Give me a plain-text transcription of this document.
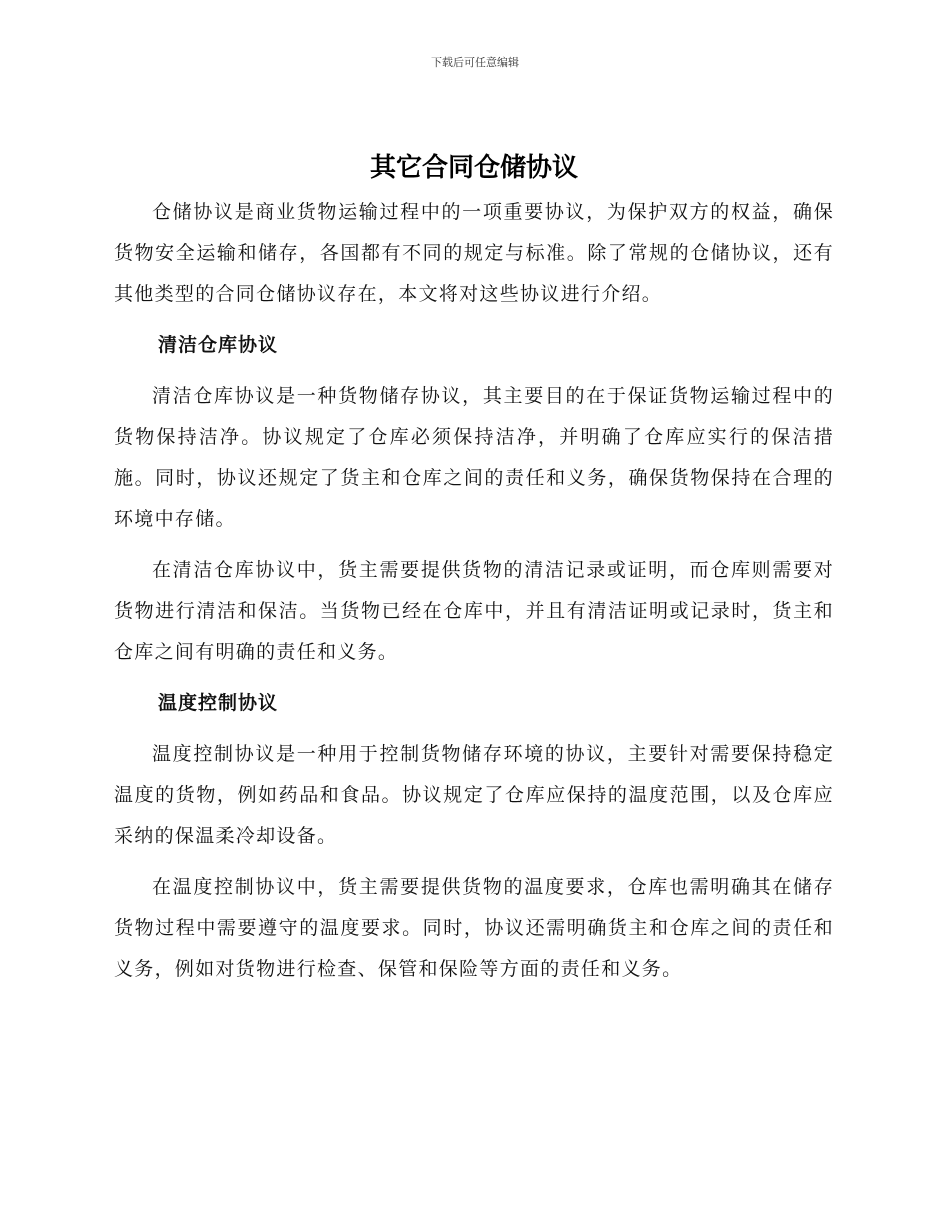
下载后可任意编辑
其它合同仓储协议

仓储协议是商业货物运输过程中的一项重要协议，为保护双方的权益，确保货物安全运输和储存，各国都有不同的规定与标准。除了常规的仓储协议，还有其他类型的合同仓储协议存在，本文将对这些协议进行介绍。

清洁仓库协议

清洁仓库协议是一种货物储存协议，其主要目的在于保证货物运输过程中的货物保持洁净。协议规定了仓库必须保持洁净，并明确了仓库应实行的保洁措施。同时，协议还规定了货主和仓库之间的责任和义务，确保货物保持在合理的环境中存储。

在清洁仓库协议中，货主需要提供货物的清洁记录或证明，而仓库则需要对货物进行清洁和保洁。当货物已经在仓库中，并且有清洁证明或记录时，货主和仓库之间有明确的责任和义务。

温度控制协议

温度控制协议是一种用于控制货物储存环境的协议，主要针对需要保持稳定温度的货物，例如药品和食品。协议规定了仓库应保持的温度范围，以及仓库应采纳的保温柔冷却设备。

在温度控制协议中，货主需要提供货物的温度要求，仓库也需明确其在储存货物过程中需要遵守的温度要求。同时，协议还需明确货主和仓库之间的责任和义务，例如对货物进行检查、保管和保险等方面的责任和义务。
